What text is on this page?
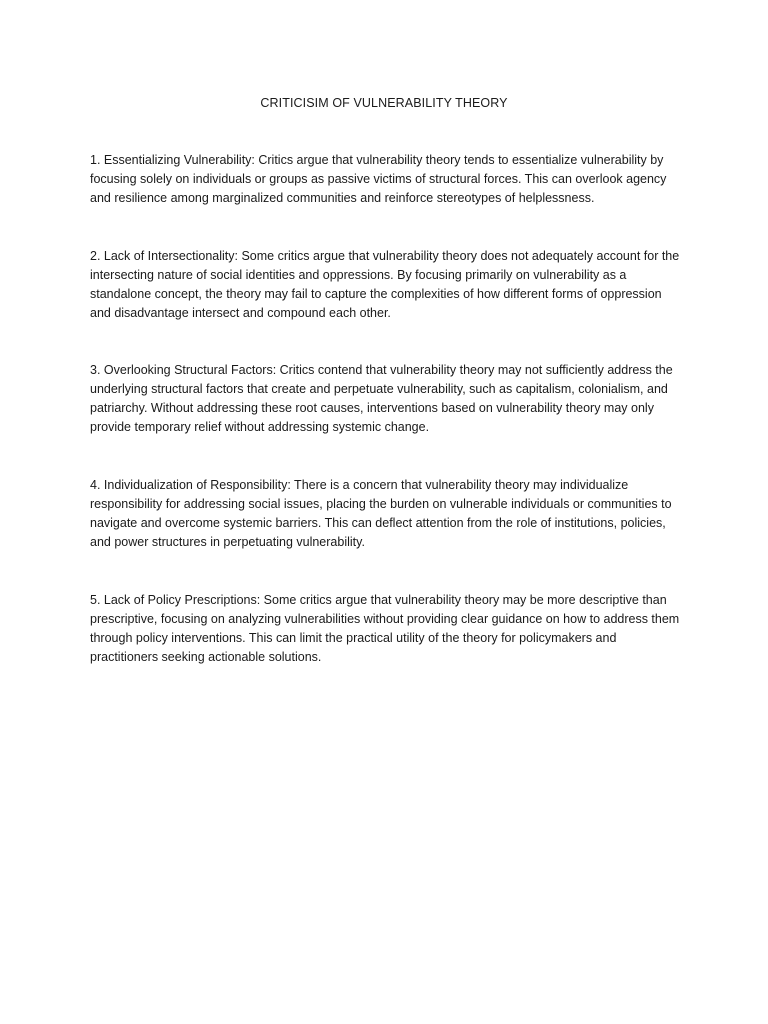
CRITICISIM OF VULNERABILITY THEORY

1. Essentializing Vulnerability: Critics argue that vulnerability theory tends to essentialize vulnerability by focusing solely on individuals or groups as passive victims of structural forces. This can overlook agency and resilience among marginalized communities and reinforce stereotypes of helplessness.

2. Lack of Intersectionality: Some critics argue that vulnerability theory does not adequately account for the intersecting nature of social identities and oppressions. By focusing primarily on vulnerability as a standalone concept, the theory may fail to capture the complexities of how different forms of oppression and disadvantage intersect and compound each other.

3. Overlooking Structural Factors: Critics contend that vulnerability theory may not sufficiently address the underlying structural factors that create and perpetuate vulnerability, such as capitalism, colonialism, and patriarchy. Without addressing these root causes, interventions based on vulnerability theory may only provide temporary relief without addressing systemic change.

4. Individualization of Responsibility: There is a concern that vulnerability theory may individualize responsibility for addressing social issues, placing the burden on vulnerable individuals or communities to navigate and overcome systemic barriers. This can deflect attention from the role of institutions, policies, and power structures in perpetuating vulnerability.

5. Lack of Policy Prescriptions: Some critics argue that vulnerability theory may be more descriptive than prescriptive, focusing on analyzing vulnerabilities without providing clear guidance on how to address them through policy interventions. This can limit the practical utility of the theory for policymakers and practitioners seeking actionable solutions.
